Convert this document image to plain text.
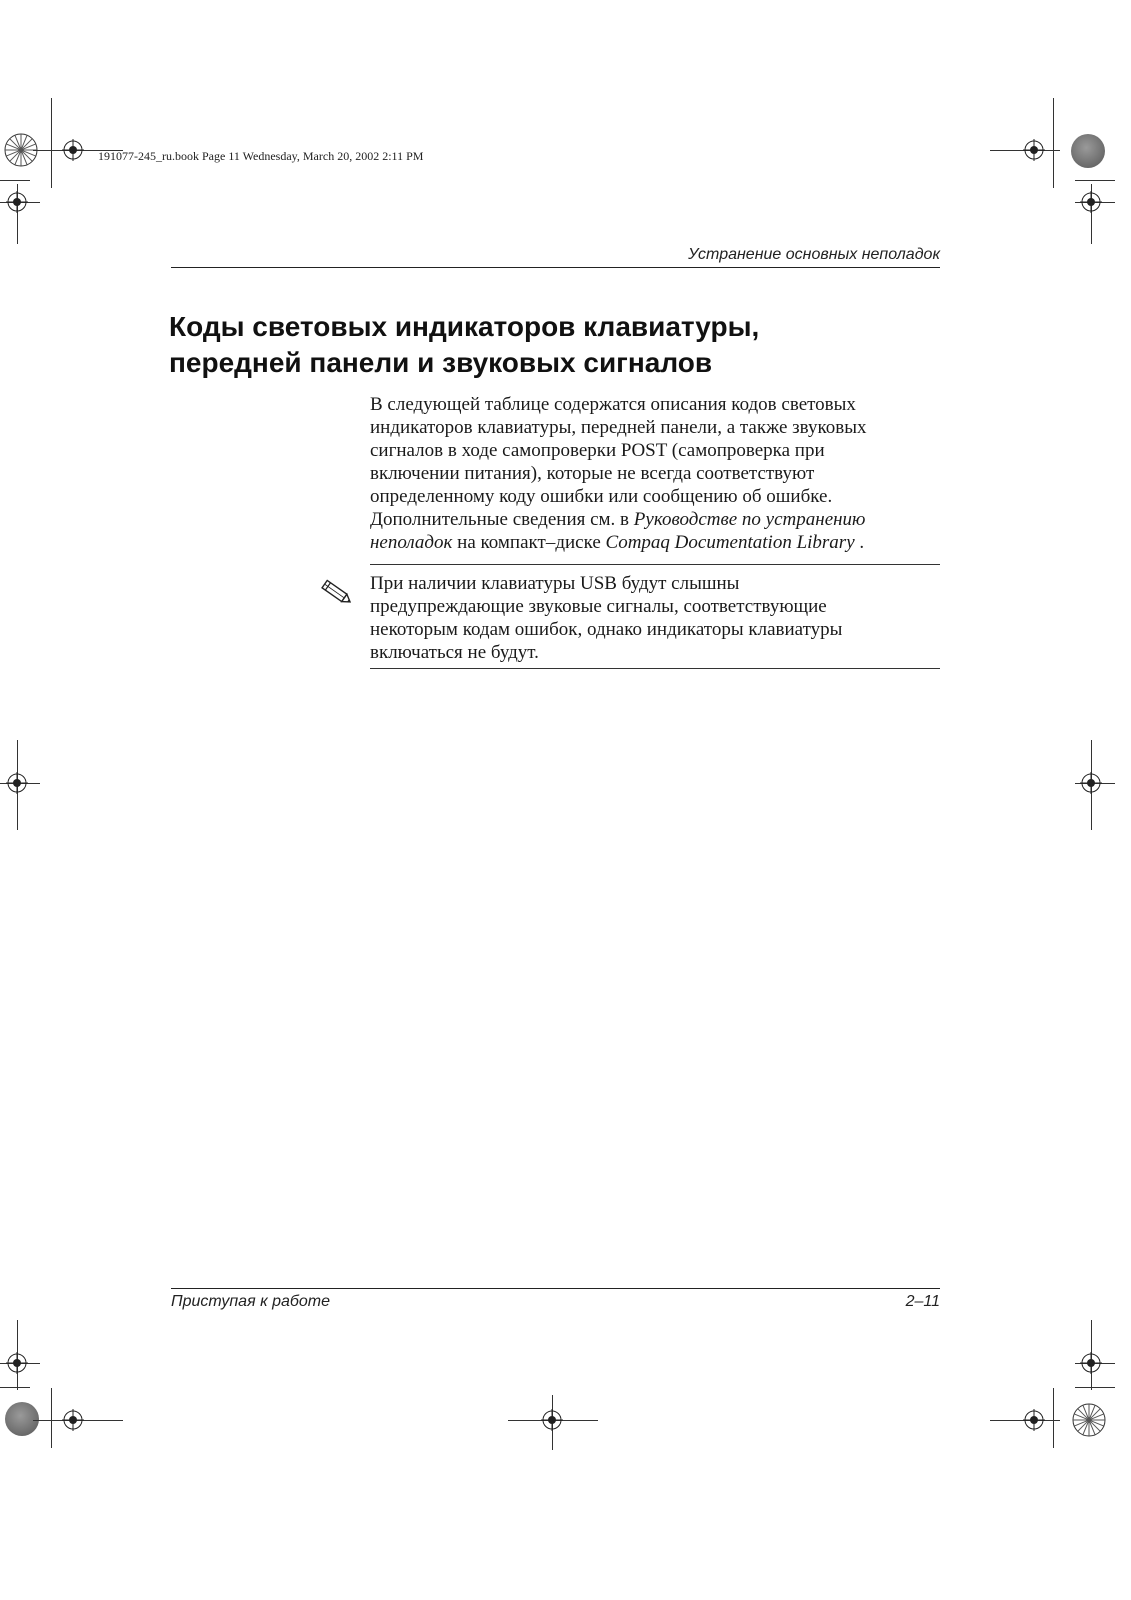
191077-245_ru.book Page 11 Wednesday, March 20, 2002 2:11 PM
Устранение основных неполадок
Коды световых индикаторов клавиатуры,
передней панели и звуковых сигналов
В следующей таблице содержатся описания кодов световых
индикаторов клавиатуры, передней панели, а также звуковых
сигналов в ходе самопроверки POST (самопроверка при
включении питания), которые не всегда соответствуют
определенному коду ошибки или сообщению об ошибке.
Дополнительные сведения см. в Руководстве по устранению
неполадок на компакт–диске Compaq Documentation Library .
При наличии клавиатуры USB будут слышны
предупреждающие звуковые сигналы, соответствующие
некоторым кодам ошибок, однако индикаторы клавиатуры
включаться не будут.
Приступая к работе	2–11
